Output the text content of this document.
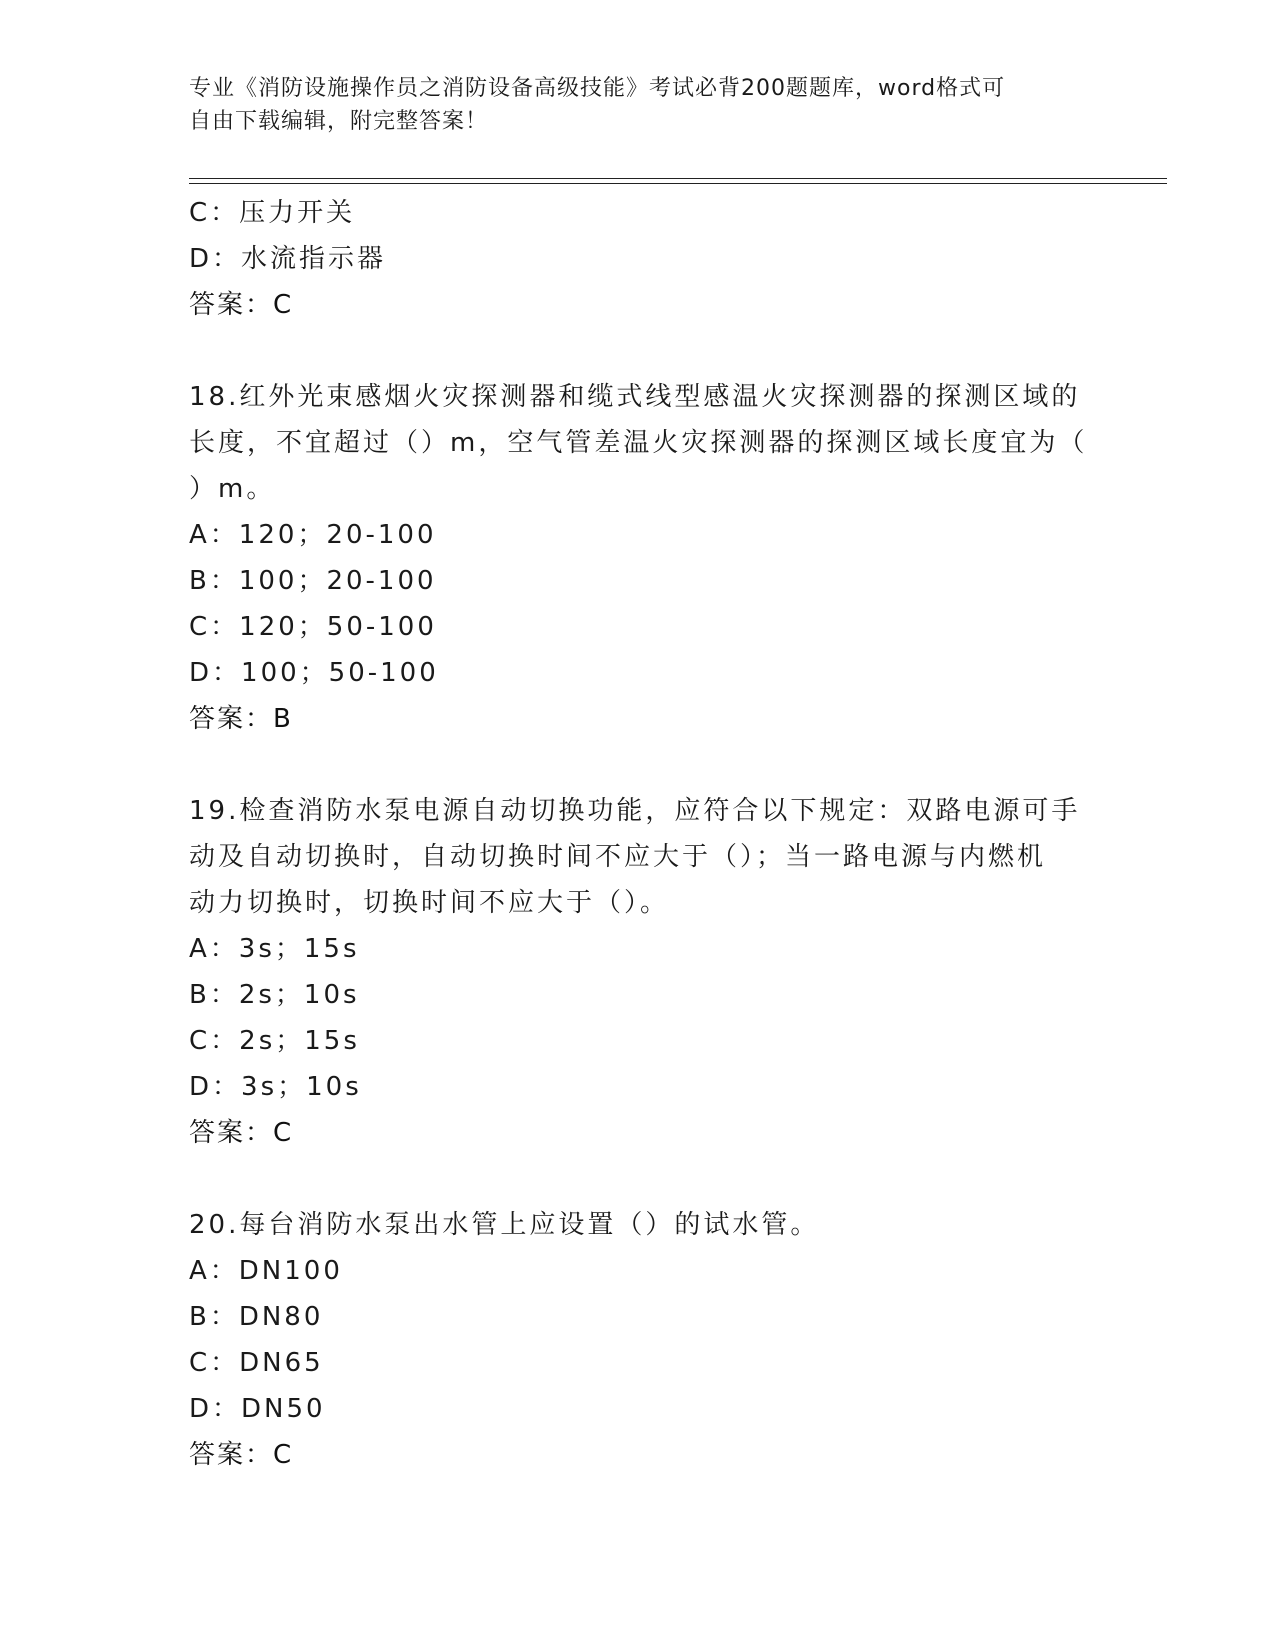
专业《消防设施操作员之消防设备高级技能》考试必背200题题库，word格式可
自由下载编辑，附完整答案！
C：压力开关
D：水流指示器
答案：C
18.红外光束感烟火灾探测器和缆式线型感温火灾探测器的探测区域的
长度，不宜超过（）m，空气管差温火灾探测器的探测区域长度宜为（
）m。
A：120；20-100
B：100；20-100
C：120；50-100
D：100；50-100
答案：B
19.检查消防水泵电源自动切换功能，应符合以下规定：双路电源可手
动及自动切换时，自动切换时间不应大于（）；当一路电源与内燃机
动力切换时，切换时间不应大于（）。
A：3s；15s
B：2s；10s
C：2s；15s
D：3s；10s
答案：C
20.每台消防水泵出水管上应设置（）的试水管。
A：DN100
B：DN80
C：DN65
D：DN50
答案：C
